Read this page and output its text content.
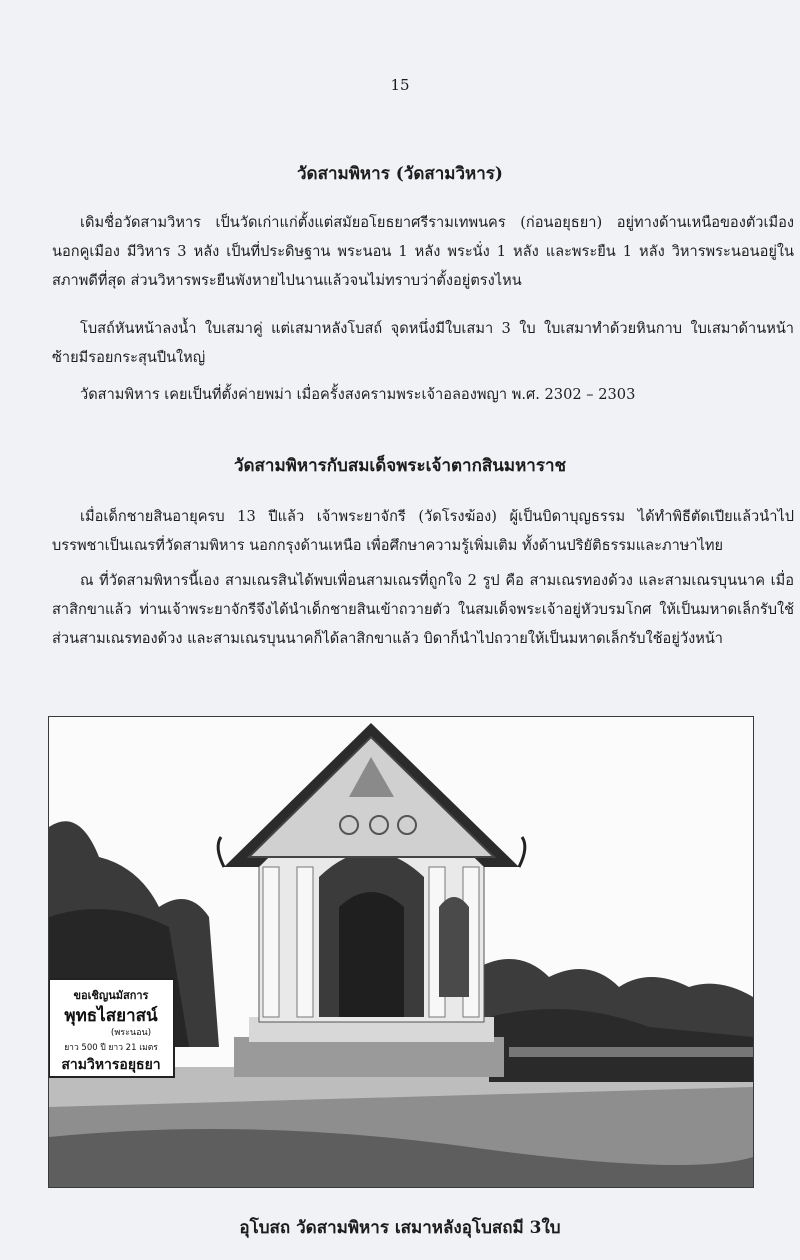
15
วัดสามพิหาร (วัดสามวิหาร)

เดิมชื่อวัดสามวิหาร เป็นวัดเก่าแก่ตั้งแต่สมัยอโยธยาศรีรามเทพนคร (ก่อนอยุธยา) อยู่ทางด้านเหนือของตัวเมือง นอกคูเมือง มีวิหาร 3 หลัง เป็นที่ประดิษฐาน พระนอน 1 หลัง พระนั่ง 1 หลัง และพระยืน 1 หลัง วิหารพระนอนอยู่ในสภาพดีที่สุด ส่วนวิหารพระยืนพังหายไปนานแล้วจนไม่ทราบว่าตั้งอยู่ตรงไหน

โบสถ์หันหน้าลงน้ำ ใบเสมาคู่ แต่เสมาหลังโบสถ์ จุดหนึ่งมีใบเสมา 3 ใบ ใบเสมาทำด้วยหินกาบ ใบเสมาด้านหน้าซ้ายมีรอยกระสุนปืนใหญ่

วัดสามพิหาร เคยเป็นที่ตั้งค่ายพม่า เมื่อครั้งสงครามพระเจ้าอลองพญา พ.ศ. 2302 – 2303

วัดสามพิหารกับสมเด็จพระเจ้าตากสินมหาราช

เมื่อเด็กชายสินอายุครบ 13 ปีแล้ว เจ้าพระยาจักรี (วัดโรงฆ้อง) ผู้เป็นบิดาบุญธรรม ได้ทำพิธีตัดเปียแล้วนำไปบรรพชาเป็นเณรที่วัดสามพิหาร นอกกรุงด้านเหนือ เพื่อศึกษาความรู้เพิ่มเติม ทั้งด้านปริยัติธรรมและภาษาไทย

ณ ที่วัดสามพิหารนี้เอง สามเณรสินได้พบเพื่อนสามเณรที่ถูกใจ 2 รูป คือ สามเณรทองด้วง และสามเณรบุนนาค เมื่อสาสิกขาแล้ว ท่านเจ้าพระยาจักรีจึงได้นำเด็กชายสินเข้าถวายตัว ในสมเด็จพระเจ้าอยู่หัวบรมโกศ ให้เป็นมหาดเล็กรับใช้ ส่วนสามเณรทองด้วง และสามเณรบุนนาคก็ได้ลาสิกขาแล้ว บิดาก็นำไปถวายให้เป็นมหาดเล็กรับใช้อยู่วังหน้า

ขอเชิญนมัสการ
พุทธไสยาสน์
(พระนอน)
ยาว 500 ปี ยาว 21 เมตร
สามวิหารอยุธยา
อุโบสถ วัดสามพิหาร เสมาหลังอุโบสถมี 3ใบ
